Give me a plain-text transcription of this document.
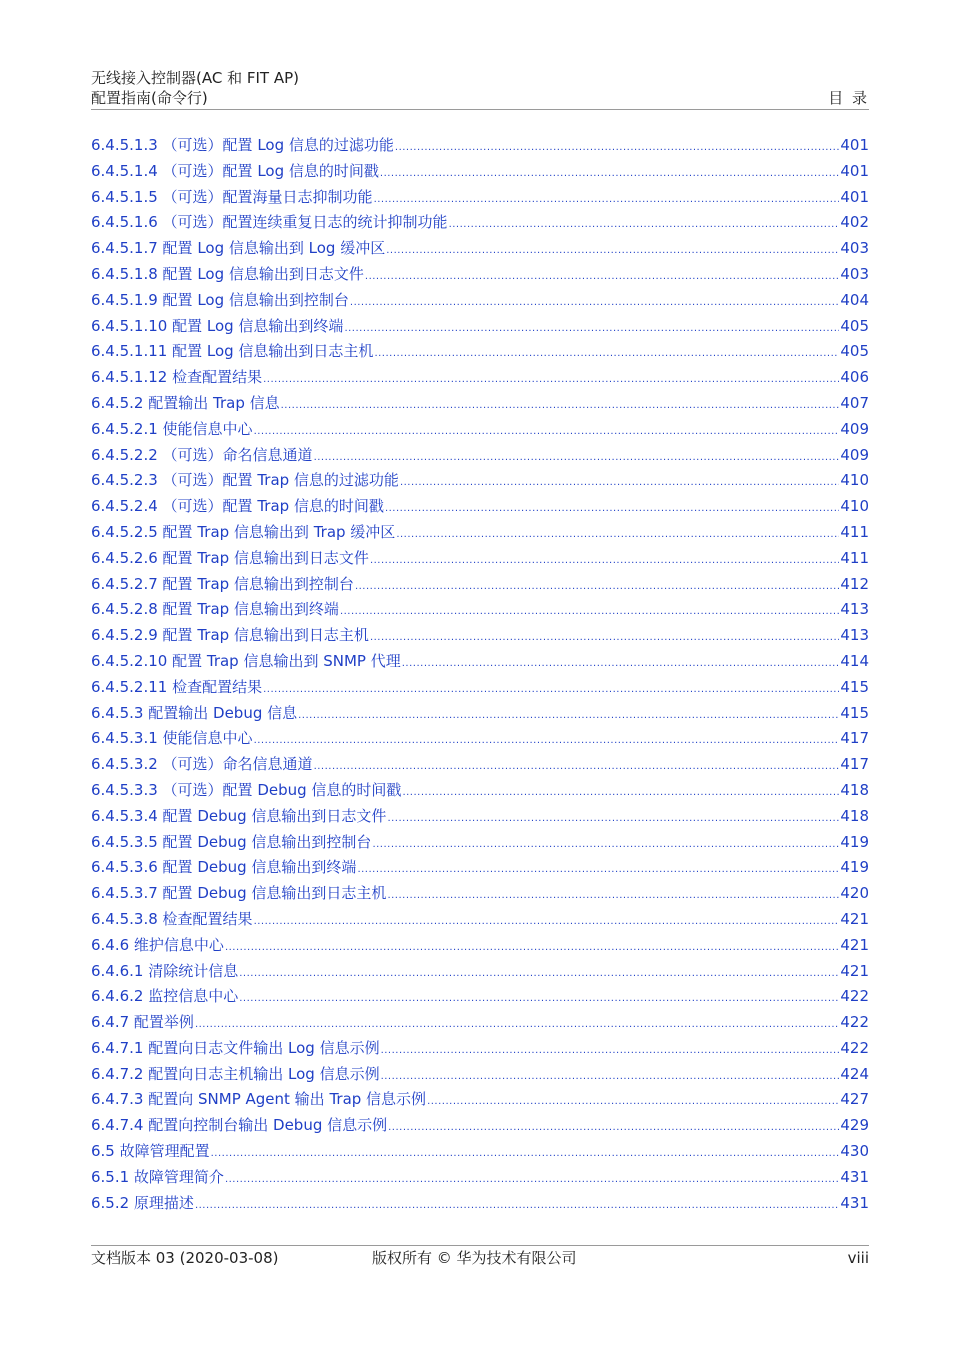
无线接入控制器(AC 和 FIT AP)
配置指南(命令行)	目 录
6.4.5.1.3 （可选）配置 Log 信息的过滤功能 .....	401
6.4.5.1.4 （可选）配置 Log 信息的时间戳 .....	401
6.4.5.1.5 （可选）配置海量日志抑制功能 .....	401
6.4.5.1.6 （可选）配置连续重复日志的统计抑制功能 .....	402
6.4.5.1.7 配置 Log 信息输出到 Log 缓冲区 .....	403
6.4.5.1.8 配置 Log 信息输出到日志文件 .....	403
6.4.5.1.9 配置 Log 信息输出到控制台 .....	404
6.4.5.1.10 配置 Log 信息输出到终端 .....	405
6.4.5.1.11 配置 Log 信息输出到日志主机 .....	405
6.4.5.1.12 检查配置结果 .....	406
6.4.5.2 配置输出 Trap 信息 .....	407
6.4.5.2.1 使能信息中心 .....	409
6.4.5.2.2 （可选）命名信息通道 .....	409
6.4.5.2.3 （可选）配置 Trap 信息的过滤功能 .....	410
6.4.5.2.4 （可选）配置 Trap 信息的时间戳 .....	410
6.4.5.2.5 配置 Trap 信息输出到 Trap 缓冲区 .....	411
6.4.5.2.6 配置 Trap 信息输出到日志文件 .....	411
6.4.5.2.7 配置 Trap 信息输出到控制台 .....	412
6.4.5.2.8 配置 Trap 信息输出到终端 .....	413
6.4.5.2.9 配置 Trap 信息输出到日志主机 .....	413
6.4.5.2.10 配置 Trap 信息输出到 SNMP 代理 .....	414
6.4.5.2.11 检查配置结果 .....	415
6.4.5.3 配置输出 Debug 信息 .....	415
6.4.5.3.1 使能信息中心 .....	417
6.4.5.3.2 （可选）命名信息通道 .....	417
6.4.5.3.3 （可选）配置 Debug 信息的时间戳 .....	418
6.4.5.3.4 配置 Debug 信息输出到日志文件 .....	418
6.4.5.3.5 配置 Debug 信息输出到控制台 .....	419
6.4.5.3.6 配置 Debug 信息输出到终端 .....	419
6.4.5.3.7 配置 Debug 信息输出到日志主机 .....	420
6.4.5.3.8 检查配置结果 .....	421
6.4.6 维护信息中心 .....	421
6.4.6.1 清除统计信息 .....	421
6.4.6.2 监控信息中心 .....	422
6.4.7 配置举例 .....	422
6.4.7.1 配置向日志文件输出 Log 信息示例 .....	422
6.4.7.2 配置向日志主机输出 Log 信息示例 .....	424
6.4.7.3 配置向 SNMP Agent 输出 Trap 信息示例 .....	427
6.4.7.4 配置向控制台输出 Debug 信息示例 .....	429
6.5 故障管理配置 .....	430
6.5.1 故障管理简介 .....	431
6.5.2 原理描述 .....	431
文档版本 03 (2020-03-08)	版权所有 © 华为技术有限公司	viii
